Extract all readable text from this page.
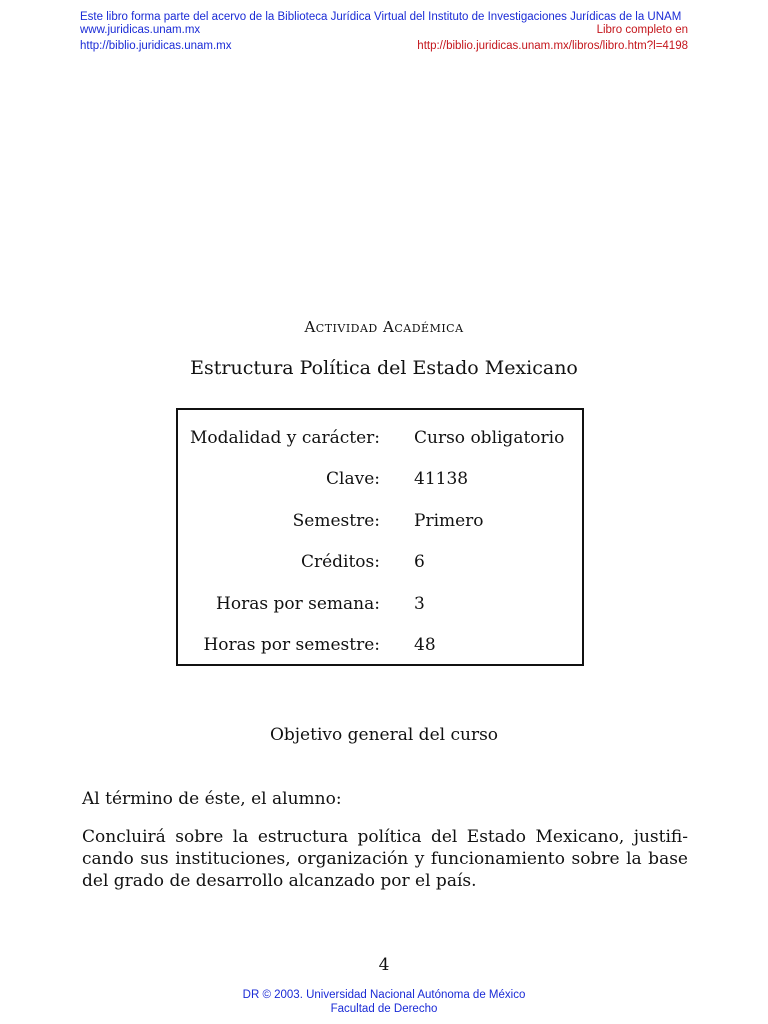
Este libro forma parte del acervo de la Biblioteca Jurídica Virtual del Instituto de Investigaciones Jurídicas de la UNAM
www.juridicas.unam.mx	Libro completo en
http://biblio.juridicas.unam.mx	http://biblio.juridicas.unam.mx/libros/libro.htm?l=4198
Actividad Académica
Estructura Política del Estado Mexicano
Modalidad y carácter: Curso obligatorio
Clave: 41138
Semestre: Primero
Créditos: 6
Horas por semana: 3
Horas por semestre: 48
Objetivo general del curso
Al término de éste, el alumno:
Concluirá sobre la estructura política del Estado Mexicano, justifi-
cando sus instituciones, organización y funcionamiento sobre la base
del grado de desarrollo alcanzado por el país.
4
DR © 2003. Universidad Nacional Autónoma de México
Facultad de Derecho
